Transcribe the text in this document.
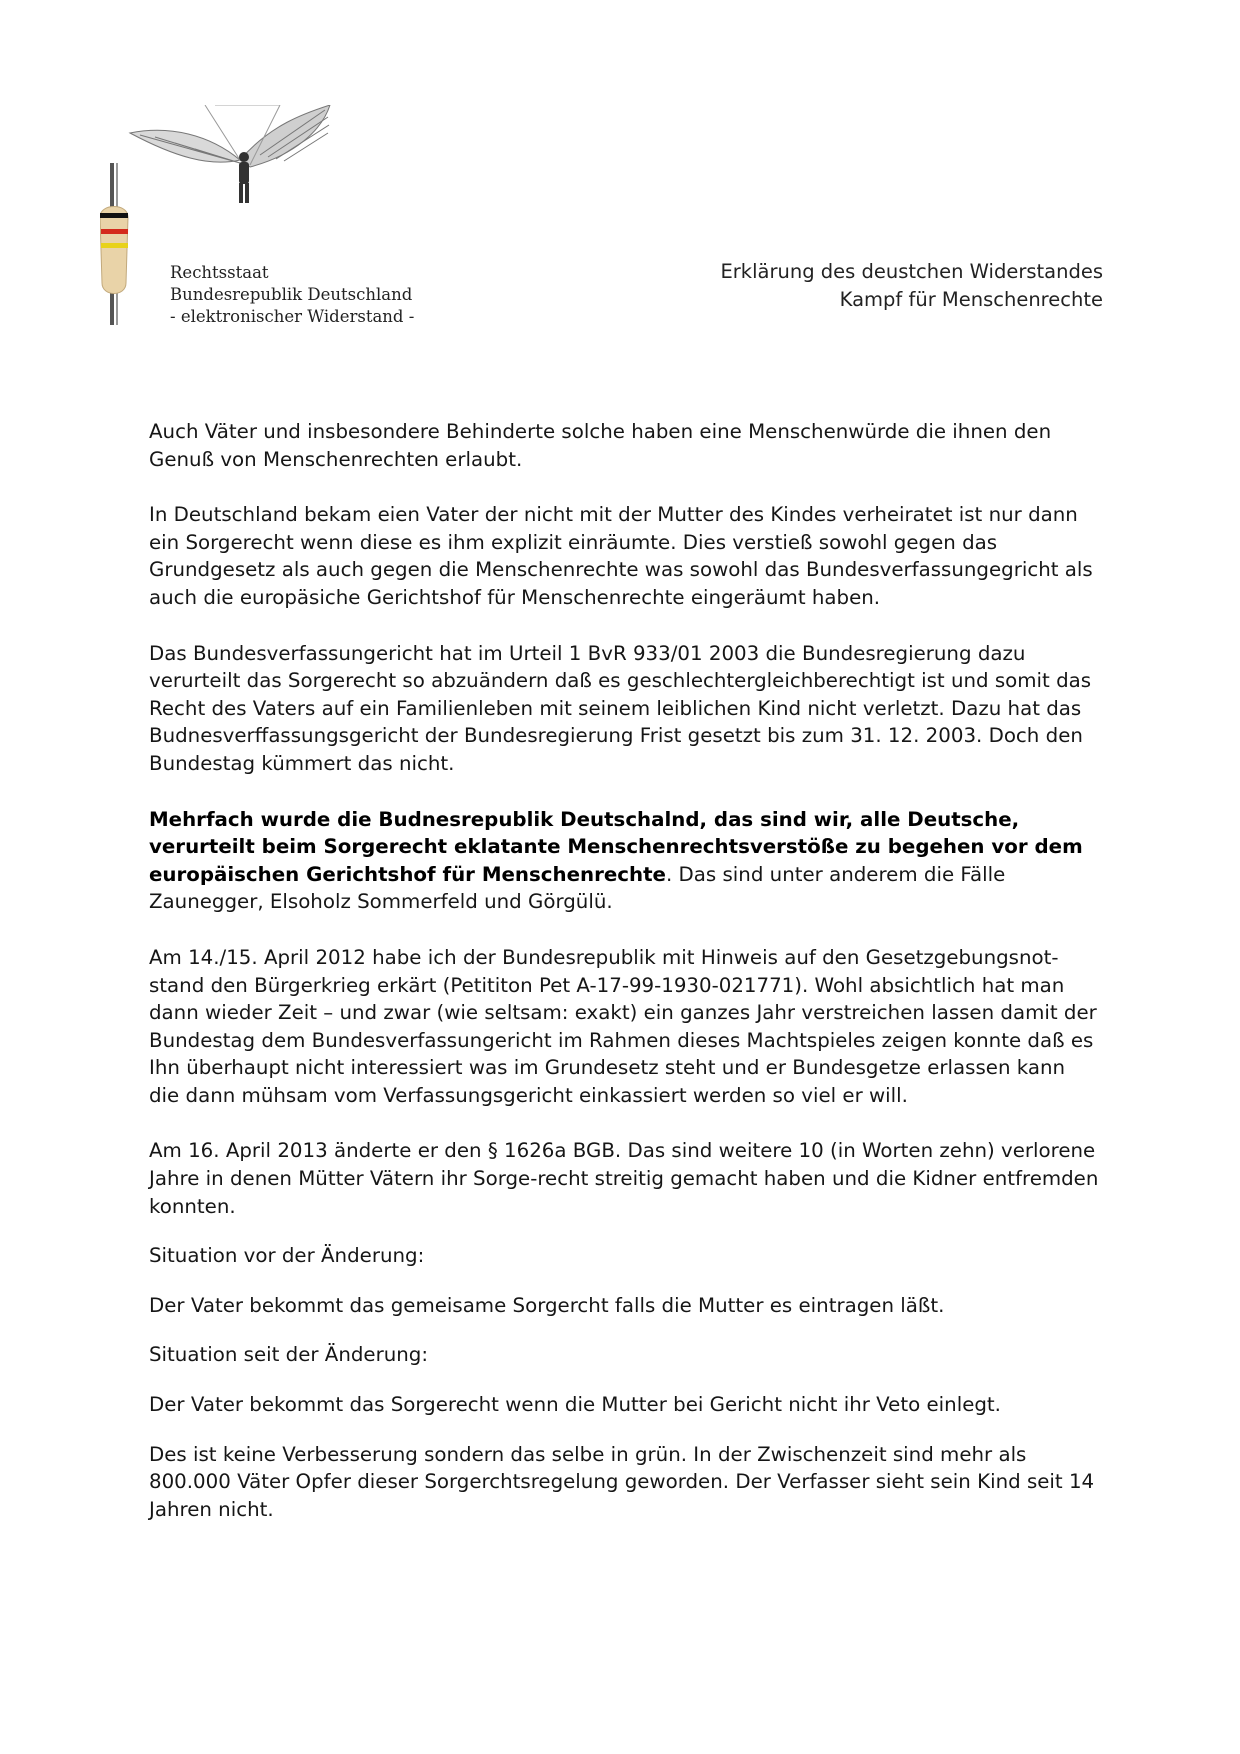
Rechtsstaat
Bundesrepublik Deutschland
- elektronischer Widerstand -
Erklärung des deustchen Widerstandes
Kampf für Menschenrechte

Auch Väter und insbesondere Behinderte solche haben eine Menschenwürde die ihnen den Genuß von Menschenrechten erlaubt.

In Deutschland bekam eien Vater der nicht mit der Mutter des Kindes verheiratet ist nur dann ein Sorgerecht wenn diese es ihm explizit einräumte. Dies verstieß sowohl gegen das Grundgesetz als auch gegen die Menschenrechte was sowohl das Bundesverfassungegricht als auch die europäsiche Gerichtshof für Menschenrechte eingeräumt haben.

Das Bundesverfassungericht hat im Urteil 1 BvR 933/01 2003 die Bundesregierung dazu verurteilt das Sorgerecht so abzuändern daß es geschlechtergleichberechtigt ist und somit das Recht des Vaters auf ein Familienleben mit seinem leiblichen Kind nicht verletzt. Dazu hat das Budnesverffassungsgericht der Bundesregierung Frist gesetzt bis zum 31. 12. 2003. Doch den Bundestag kümmert das nicht.

Mehrfach wurde die Budnesrepublik Deutschalnd, das sind wir, alle Deutsche, verurteilt beim Sorgerecht eklatante Menschenrechtsverstöße zu begehen vor dem europäischen Gerichtshof für Menschenrechte. Das sind unter anderem die Fälle Zaunegger, Elsoholz Sommerfeld und Görgülü.

Am 14./15. April 2012 habe ich der Bundesrepublik mit Hinweis auf den Gesetzgebungsnot-stand den Bürgerkrieg erkärt (Petititon Pet A-17-99-1930-021771). Wohl absichtlich hat man dann wieder Zeit – und zwar (wie seltsam: exakt) ein ganzes Jahr verstreichen lassen damit der Bundestag dem Bundesverfassungericht im Rahmen dieses Machtspieles zeigen konnte daß es Ihn überhaupt nicht interessiert was im Grundesetz steht und er Bundesgetze erlassen kann die dann mühsam vom Verfassungsgericht einkassiert werden so viel er will.

Am 16. April 2013 änderte er den § 1626a BGB. Das sind weitere 10 (in Worten zehn) verlorene Jahre in denen Mütter Vätern ihr Sorge-recht streitig gemacht haben und die Kidner entfremden konnten.

Situation vor der Änderung:

Der Vater bekommt das gemeisame Sorgercht falls die Mutter es eintragen läßt.

Situation seit der Änderung:

Der Vater bekommt das Sorgerecht wenn die Mutter bei Gericht nicht ihr Veto einlegt.

Des ist keine Verbesserung sondern das selbe in grün. In der Zwischenzeit sind mehr als 800.000 Väter Opfer dieser Sorgerchtsregelung geworden. Der Verfasser sieht sein Kind seit 14 Jahren nicht.
